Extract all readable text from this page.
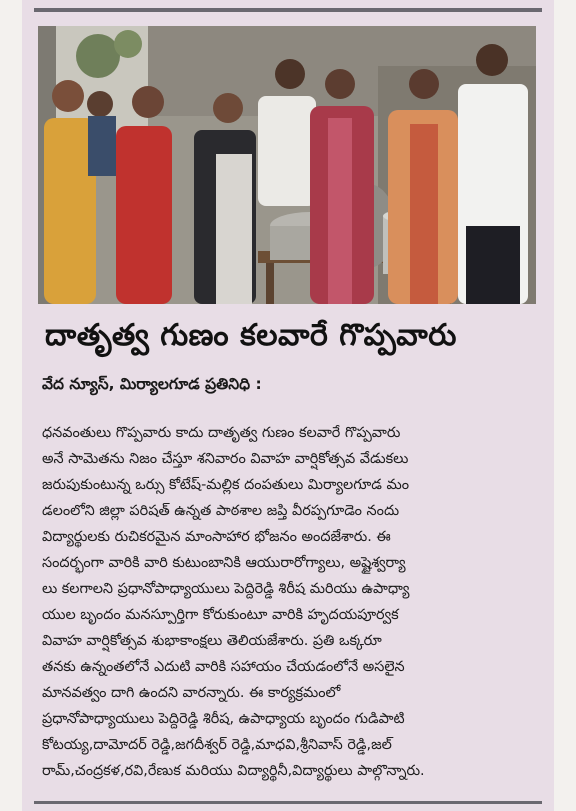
దాతృత్వ గుణం కలవారే గొప్పవారు
వేద న్యూస్, మిర్యాలగూడ ప్రతినిధి :
ధనవంతులు గొప్పవారు కాదు దాతృత్వ గుణం కలవారే గొప్పవారు
అనే సామెతను నిజం చేస్తూ శనివారం వివాహ వార్షికోత్సవ వేడుకలు
జరుపుకుంటున్న ఒర్సు కోటేష్-మల్లిక దంపతులు మిర్యాలగూడ మం
డలంలోని జిల్లా పరిషత్ ఉన్నత పాఠశాల జప్తి వీరప్పగూడెం నందు
విద్యార్థులకు రుచికరమైన మాంసాహార భోజనం అందజేశారు. ఈ
సందర్భంగా వారికి వారి కుటుంబానికి ఆయురారోగ్యాలు, అష్టైశ్వర్యా
లు కలగాలని ప్రధానోపాధ్యాయులు పెద్దిరెడ్డి శిరీష మరియు ఉపాధ్యా
యుల బృందం మనస్పూర్తిగా కోరుకుంటూ వారికి హృదయపూర్వక
వివాహ వార్షికోత్సవ శుభాకాంక్షలు తెలియజేశారు. ప్రతి ఒక్కరూ
తనకు ఉన్నంతలోనే ఎదుటి వారికి సహాయం చేయడంలోనే అసలైన
మానవత్వం దాగి ఉందని వారన్నారు. ఈ కార్యక్రమంలో
ప్రధానోపాధ్యాయులు పెద్దిరెడ్డి శిరీష, ఉపాధ్యాయ బృందం గుడిపాటి
కోటయ్య,దామోదర్ రెడ్డి,జగదీశ్వర్ రెడ్డి,మాధవి,శ్రీనివాస్ రెడ్డి,జల్
రామ్,చంద్రకళ,రవి,రేణుక మరియు విద్యార్థినీ,విద్యార్థులు పాల్గొన్నారు.
